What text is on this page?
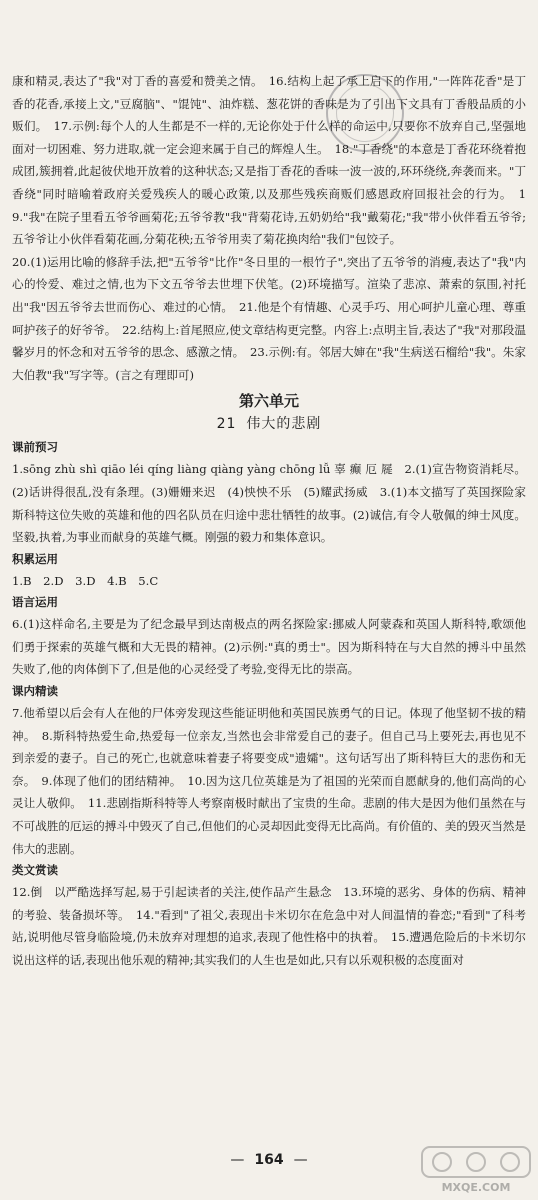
康和精灵,表达了"我"对丁香的喜爱和赞美之情。　16.结构上起了承上启下的作用,"一阵阵花香"是丁香的花香,承接上文,"豆腐脑"、"馄饨"、油炸糕、葱花饼的香味是为了引出下文具有丁香般品质的小贩们。　17.示例:每个人的人生都是不一样的,无论你处于什么样的命运中,只要你不放弃自己,坚强地面对一切困难、努力进取,就一定会迎来属于自己的辉煌人生。　18."丁香绕"的本意是丁香花环绕着抱成团,簇拥着,此起彼伏地开放着的这种状态;又是指丁香花的香味一波一波的,环环绕绕,奔袭而来。"丁香绕"同时暗喻着政府关爱残疾人的暖心政策,以及那些残疾商贩们感恩政府回报社会的行为。　19."我"在院子里看五爷爷画菊花;五爷爷教"我"背菊花诗,五奶奶给"我"戴菊花;"我"带小伙伴看五爷爷;五爷爷让小伙伴看菊花画,分菊花秧;五爷爷用卖了菊花换肉给"我们"包饺子。

20.(1)运用比喻的修辞手法,把"五爷爷"比作"冬日里的一根竹子",突出了五爷爷的消瘦,表达了"我"内心的怜爱、难过之情,也为下文五爷爷去世埋下伏笔。(2)环境描写。渲染了悲凉、萧索的氛围,衬托出"我"因五爷爷去世而伤心、难过的心情。　21.他是个有情趣、心灵手巧、用心呵护儿童心理、尊重呵护孩子的好爷爷。　22.结构上:首尾照应,使文章结构更完整。内容上:点明主旨,表达了"我"对那段温馨岁月的怀念和对五爷爷的思念、感激之情。　23.示例:有。邻居大婶在"我"生病送石榴给"我"。朱家大伯教"我"写字等。(言之有理即可)

第六单元
21 伟大的悲剧
课前预习

1.sōng zhù shì qiāo léi qíng liàng qiàng yàng chōng lǚ 辜 癫 厄 屣　2.(1)宣告物资消耗尽。(2)话讲得很乱,没有条理。(3)姗姗来迟　(4)怏怏不乐　(5)耀武扬威　3.(1)本文描写了英国探险家斯科特这位失败的英雄和他的四名队员在归途中悲壮牺牲的故事。(2)诚信,有令人敬佩的绅士风度。坚毅,执着,为事业而献身的英雄气概。刚强的毅力和集体意识。

积累运用

1.B　2.D　3.D　4.B　5.C

语言运用

6.(1)这样命名,主要是为了纪念最早到达南极点的两名探险家:挪威人阿蒙森和英国人斯科特,歌颂他们勇于探索的英雄气概和大无畏的精神。(2)示例:"真的勇士"。因为斯科特在与大自然的搏斗中虽然失败了,他的肉体倒下了,但是他的心灵经受了考验,变得无比的崇高。

课内精读

7.他希望以后会有人在他的尸体旁发现这些能证明他和英国民族勇气的日记。体现了他坚韧不拔的精神。　8.斯科特热爱生命,热爱每一位亲友,当然也会非常爱自己的妻子。但自己马上要死去,再也见不到亲爱的妻子。自己的死亡,也就意味着妻子将要变成"遗孀"。这句话写出了斯科特巨大的悲伤和无奈。　9.体现了他们的团结精神。　10.因为这几位英雄是为了祖国的光荣而自愿献身的,他们高尚的心灵让人敬仰。　11.悲剧指斯科特等人考察南极时献出了宝贵的生命。悲剧的伟大是因为他们虽然在与不可战胜的厄运的搏斗中毁灭了自己,但他们的心灵却因此变得无比高尚。有价值的、美的毁灭当然是伟大的悲剧。

类文赏读

12.倒　以严酷选择写起,易于引起读者的关注,使作品产生悬念　13.环境的恶劣、身体的伤病、精神的考验、装备损坏等。　14."看到"了祖父,表现出卡米切尔在危急中对人间温情的眷恋;"看到"了科考站,说明他尽管身临险境,仍未放弃对理想的追求,表现了他性格中的执着。　15.遭遇危险后的卡米切尔说出这样的话,表现出他乐观的精神;其实我们的人生也是如此,只有以乐观积极的态度面对

— 164 —
MXQE.COM
